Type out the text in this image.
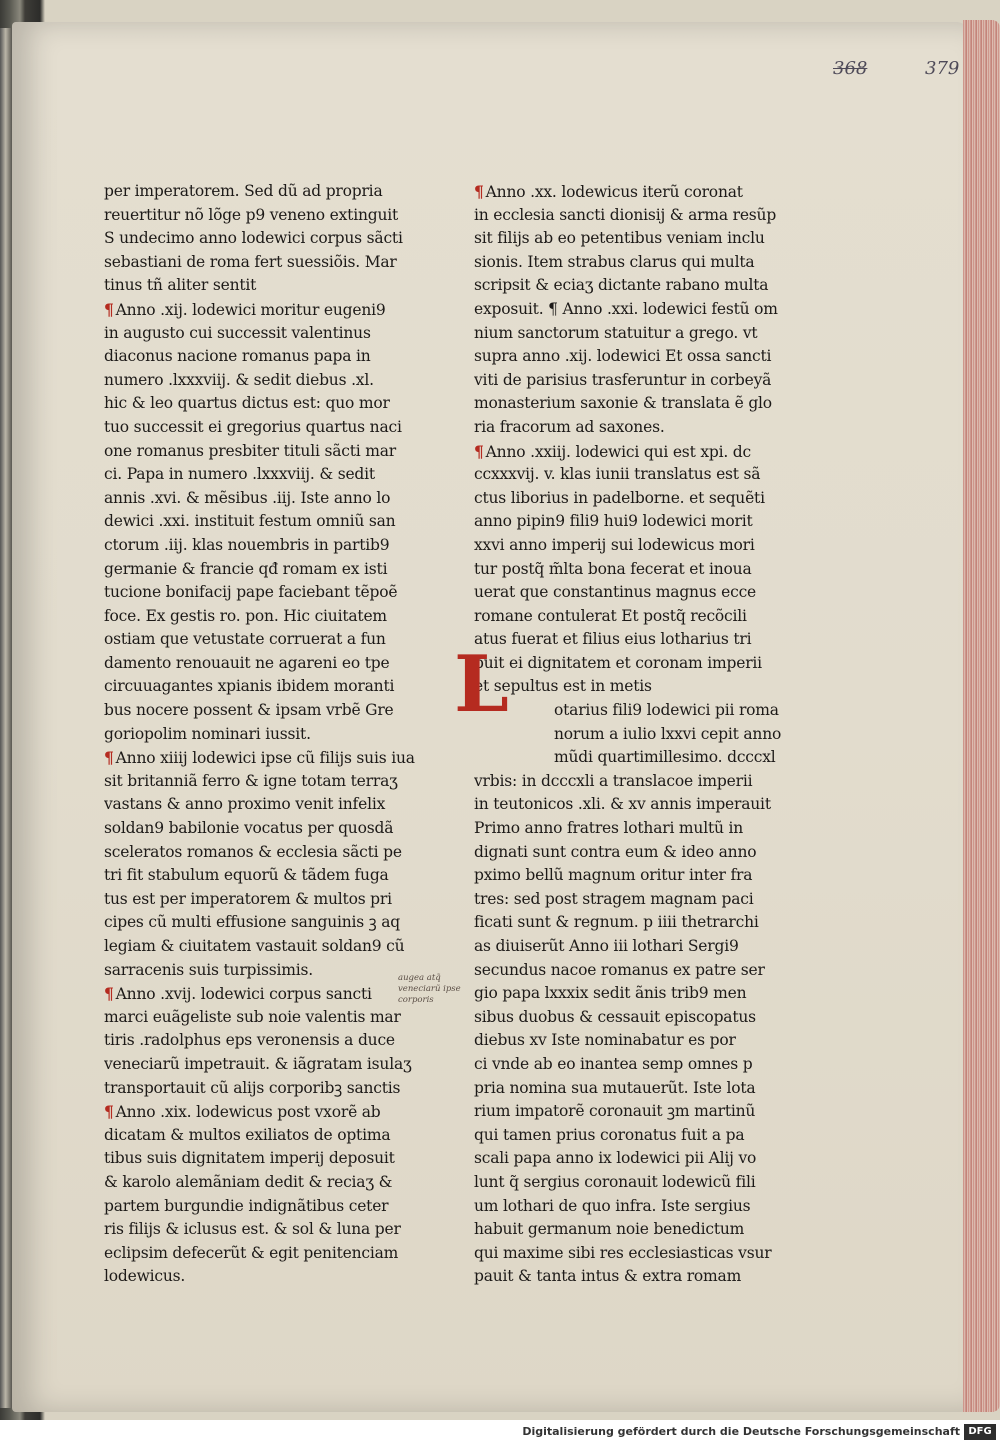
368	379
per imperatorem. Sed dũ ad propria
reuertitur nõ lõge p9 veneno extinguit
S undecimo anno lodewici corpus sãcti
sebastiani de roma fert suessiõis. Mar
tinus tñ aliter sentit
¶ Anno .xij. lodewici moritur eugeni9
in augusto cui successit valentinus
diaconus nacione romanus papa in
numero .lxxxviij. & sedit diebus .xl.
hic & leo quartus dictus est: quo mor
tuo successit ei gregorius quartus naci
one romanus presbiter tituli sãcti mar
ci. Papa in numero .lxxxviij. & sedit
annis .xvi. & mẽsibus .iij. Iste anno lo
dewici .xxi. instituit festum omniũ san
ctorum .iij. klas nouembris in partib9
germanie & francie qđ romam ex isti
tucione bonifacij pape faciebant tẽpoẽ
foce. Ex gestis ro. pon. Hic ciuitatem
ostiam que vetustate corruerat a fun
damento renouauit ne agareni eo tpe
circuuagantes xpianis ibidem moranti
bus nocere possent & ipsam vrbẽ Gre
goriopolim nominari iussit.
¶ Anno xiiij lodewici ipse cũ filijs suis iua
sit britanniã ferro & igne totam terraʒ
vastans & anno proximo venit infelix
soldan9 babilonie vocatus per quosdã
sceleratos romanos & ecclesia sãcti pe
tri fit stabulum equorũ & tãdem fuga
tus est per imperatorem & multos pri
cipes cũ multi effusione sanguinis ꝫ aq
legiam & ciuitatem vastauit soldan9 cũ
sarracenis suis turpissimis.
¶ Anno .xvij. lodewici corpus sancti
marci euãgeliste sub noie valentis mar
tiris .radolphus eps veronensis a duce
veneciarũ impetrauit. & iãgratam isulaʒ
transportauit cũ alijs corporibꝫ sanctis
¶ Anno .xix. lodewicus post vxorẽ ab
dicatam & multos exiliatos de optima
tibus suis dignitatem imperij deposuit
& karolo alemãniam dedit & reciaʒ &
partem burgundie indignãtibus ceter
ris filijs & iclusus est. & sol & luna per
eclipsim defecerũt & egit penitenciam
lodewicus.
¶ Anno .xx. lodewicus iterũ coronat
in ecclesia sancti dionisij & arma resũp
sit filijs ab eo petentibus veniam inclu
sionis. Item strabus clarus qui multa
scripsit & eciaʒ dictante rabano multa
exposuit. ¶ Anno .xxi. lodewici festũ om
nium sanctorum statuitur a grego. vt
supra anno .xij. lodewici Et ossa sancti
viti de parisius trasferuntur in corbeyã
monasterium saxonie & translata ẽ glo
ria fracorum ad saxones.
¶ Anno .xxiij. lodewici qui est xpi. dc
ccxxxvij. v. klas iunii translatus est sã
ctus liborius in padelborne. et sequẽti
anno pipin9 fili9 hui9 lodewici morit
xxvi anno imperij sui lodewicus mori
tur postq̃ m̃lta bona fecerat et inoua
uerat que constantinus magnus ecce
romane contulerat Et postq̃ recõcili
atus fuerat et filius eius lotharius tri
buit ei dignitatem et coronam imperii
et sepultus est in metis
otarius fili9 lodewici pii roma
norum a iulio lxxvi cepit anno
mũdi quartimillesimo. dcccxl
vrbis: in dcccxli a translacoe imperii
in teutonicos .xli. & xv annis imperauit
Primo anno fratres lothari multũ in
dignati sunt contra eum & ideo anno
pximo bellũ magnum oritur inter fra
tres: sed post stragem magnam paci
ficati sunt & regnum. p iiii thetrarchi
as diuiserũt Anno iii lothari Sergi9
secundus nacoe romanus ex patre ser
gio papa lxxxix sedit ãnis trib9 men
sibus duobus & cessauit episcopatus
diebus xv Iste nominabatur es por
ci vnde ab eo inantea semp omnes p
pria nomina sua mutauerũt. Iste lota
rium impatorẽ coronauit ꝫm martinũ
qui tamen prius coronatus fuit a pa
scali papa anno ix lodewici pii Alij vo
lunt q̃ sergius coronauit lodewicũ fili
um lothari de quo infra. Iste sergius
habuit germanum noie benedictum
qui maxime sibi res ecclesiasticas vsur
pauit & tanta intus & extra romam
L
augea atq̃ veneciarũ ipse corporis
Digitalisierung gefördert durch die Deutsche Forschungsgemeinschaft DFG
